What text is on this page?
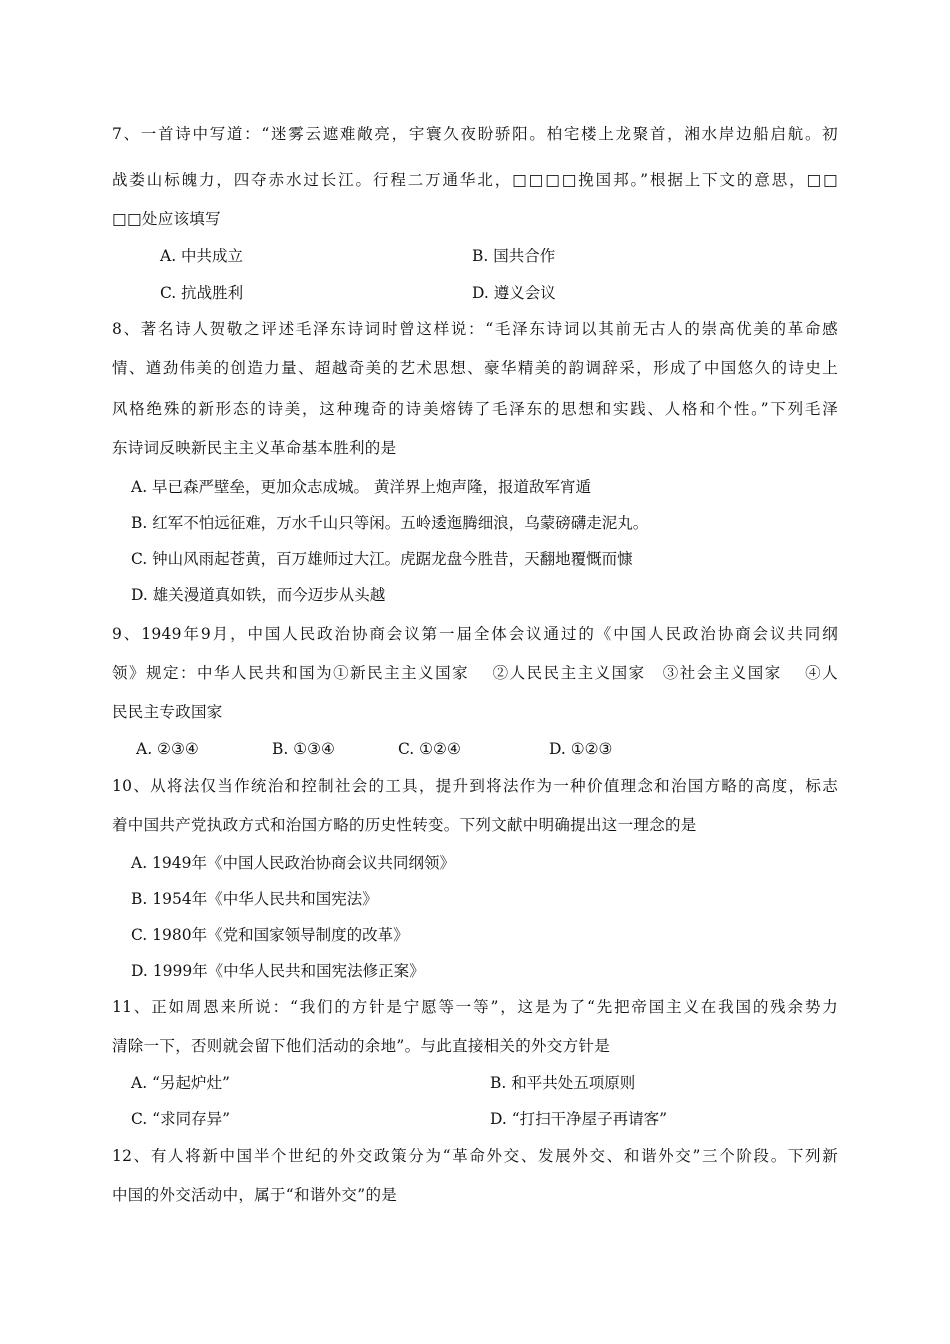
7、一首诗中写道：“迷雾云遮难敞亮，宇寰久夜盼骄阳。柏宅楼上龙聚首，湘水岸边船启航。初
战娄山标魄力，四夺赤水过长江。行程二万通华北，□□□□挽国邦。”根据上下文的意思，□□
□□处应该填写
A. 中共成立	B. 国共合作
C. 抗战胜利	D. 遵义会议
8、著名诗人贺敬之评述毛泽东诗词时曾这样说：“毛泽东诗词以其前无古人的崇高优美的革命感
情、遒劲伟美的创造力量、超越奇美的艺术思想、豪华精美的韵调辞采，形成了中国悠久的诗史上
风格绝殊的新形态的诗美，这种瑰奇的诗美熔铸了毛泽东的思想和实践、人格和个性。”下列毛泽
东诗词反映新民主主义革命基本胜利的是
A. 早已森严壁垒，更加众志成城。 黄洋界上炮声隆，报道敌军宵遁
B. 红军不怕远征难，万水千山只等闲。五岭逶迤腾细浪，乌蒙磅礴走泥丸。
C. 钟山风雨起苍黄，百万雄师过大江。虎踞龙盘今胜昔，天翻地覆慨而慷
D. 雄关漫道真如铁，而今迈步从头越
9、1949年9月，中国人民政治协商会议第一届全体会议通过的《中国人民政治协商会议共同纲
领》规定：中华人民共和国为①新民主主义国家　 ②人民民主主义国家　③社会主义国家　 ④人
民民主专政国家
A. ②③④	B. ①③④	C. ①②④	D. ①②③
10、从将法仅当作统治和控制社会的工具，提升到将法作为一种价值理念和治国方略的高度，标志
着中国共产党执政方式和治国方略的历史性转变。下列文献中明确提出这一理念的是
A. 1949年《中国人民政治协商会议共同纲领》
B. 1954年《中华人民共和国宪法》
C. 1980年《党和国家领导制度的改革》
D. 1999年《中华人民共和国宪法修正案》
11、正如周恩来所说：“我们的方针是宁愿等一等”，这是为了“先把帝国主义在我国的残余势力
清除一下，否则就会留下他们活动的余地”。与此直接相关的外交方针是
A. “另起炉灶”	B. 和平共处五项原则
C. “求同存异”	D. “打扫干净屋子再请客”
12、有人将新中国半个世纪的外交政策分为“革命外交、发展外交、和谐外交”三个阶段。下列新
中国的外交活动中，属于“和谐外交”的是
